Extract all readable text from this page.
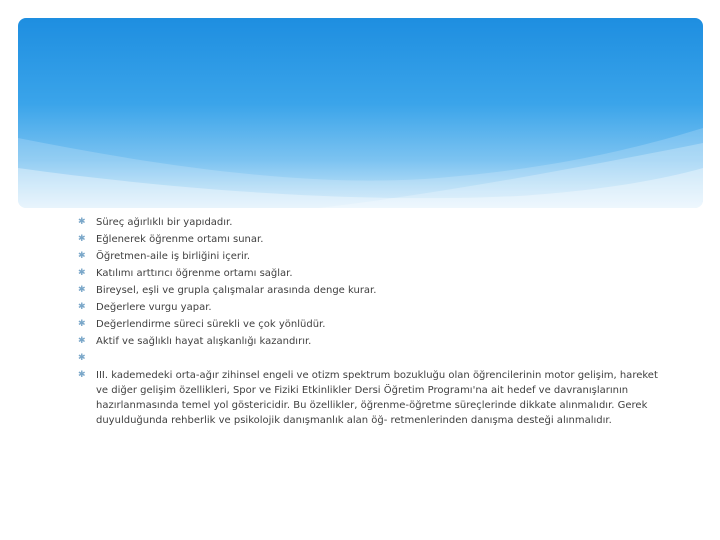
✱ Süreç ağırlıklı bir yapıdadır.
✱ Eğlenerek öğrenme ortamı sunar.
✱ Öğretmen-aile iş birliğini içerir.
✱ Katılımı arttırıcı öğrenme ortamı sağlar.
✱ Bireysel, eşli ve grupla çalışmalar arasında denge kurar.
✱ Değerlere vurgu yapar.
✱ Değerlendirme süreci sürekli ve çok yönlüdür.
✱ Aktif ve sağlıklı hayat alışkanlığı kazandırır.
✱
✱ III. kademedeki orta-ağır zihinsel engeli ve otizm spektrum bozukluğu olan öğrencilerinin motor gelişim, hareket ve diğer gelişim özellikleri, Spor ve Fiziki Etkinlikler Dersi Öğretim Programı'na ait hedef ve davranışlarının hazırlanmasında temel yol göstericidir. Bu özellikler, öğrenme-öğretme süreçlerinde dikkate alınmalıdır. Gerek duyulduğunda rehberlik ve psikolojik danışmanlık alan öğ- retmenlerinden danışma desteği alınmalıdır.
